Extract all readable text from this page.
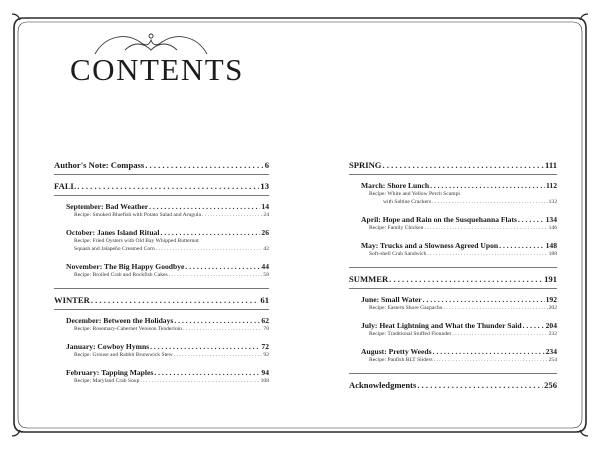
CONTENTS
Author's Note: Compass . . .	6
FALL . . .	13
September: Bad Weather . . .	14
Recipe: Smoked Bluefish with Potato Salad and Arugula . . .	24
October: Janes Island Ritual . . .	26
Recipe: Fried Oysters with Old Bay Whipped Butternut
Squash and Jalapeño Creamed Corn . . .	42
November: The Big Happy Goodbye . . .	44
Recipe: Broiled Crab and Rockfish Cakes . . .	58
WINTER . . .	61
December: Between the Holidays . . .	62
Recipe: Rosemary-Cabernet Venison Tenderloin . . .	70
January: Cowboy Hymns . . .	72
Recipe: Grouse and Rabbit Brunswick Stew . . .	92
February: Tapping Maples . . .	94
Recipe: Maryland Crab Soup . . .	108
SPRING . . .	111
March: Shore Lunch . . .	112
Recipe: White and Yellow Perch Scampi
with Saltine Crackers . . .	132
April: Hope and Rain on the Susquehanna Flats . . .	134
Recipe: Family Chicken . . .	146
May: Trucks and a Slowness Agreed Upon . . .	148
Soft-shell Crab Sandwich . . .	188
SUMMER . . .	191
June: Small Water . . .	192
Recipe: Eastern Shore Gazpacho . . .	202
July: Heat Lightning and What the Thunder Said . . .	204
Recipe: Traditional Stuffed Flounder . . .	232
August: Pretty Weeds . . .	234
Recipe: Panfish BLT Sliders . . .	254
Acknowledgments . . .	256
